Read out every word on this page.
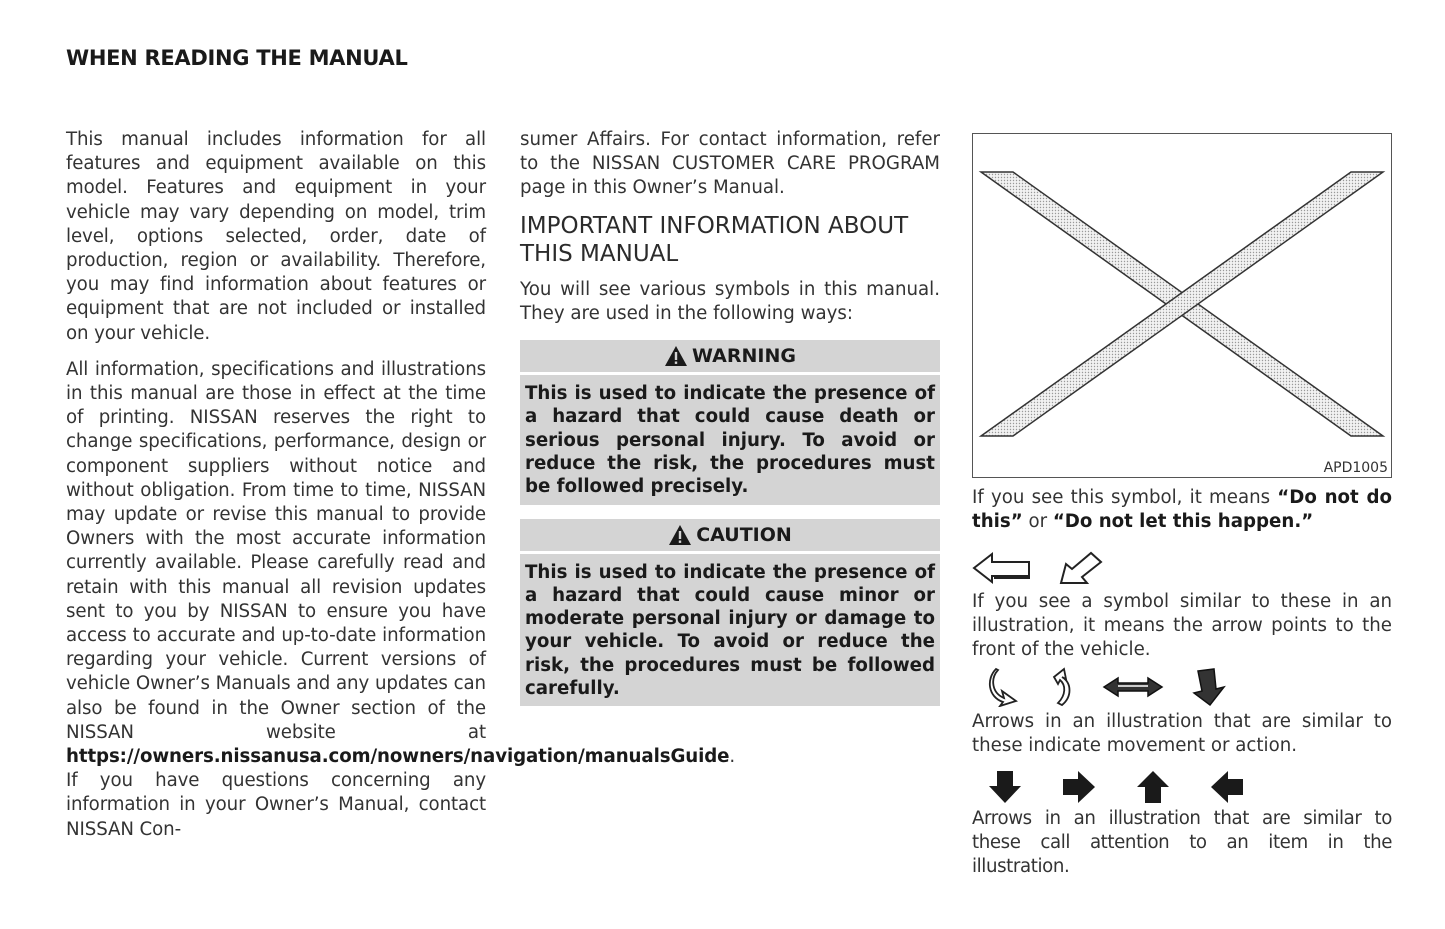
WHEN READING THE MANUAL

This manual includes information for all features and equipment available on this model. Features and equipment in your vehicle may vary depending on model, trim level, options selected, order, date of production, region or availability. Therefore, you may find information about features or equipment that are not included or installed on your vehicle.

All information, specifications and illustrations in this manual are those in effect at the time of printing. NISSAN reserves the right to change specifications, performance, design or component suppliers without notice and without obligation. From time to time, NISSAN may update or revise this manual to provide Owners with the most accurate information currently available. Please carefully read and retain with this manual all revision updates sent to you by NISSAN to ensure you have access to accurate and up-to-date information regarding your vehicle. Current versions of vehicle Owner’s Manuals and any updates can also be found in the Owner section of the NISSAN website at https://owners.nissanusa.com/nowners/navigation/manualsGuide. If you have questions concerning any information in your Owner’s Manual, contact NISSAN Con-

sumer Affairs. For contact information, refer to the NISSAN CUSTOMER CARE PROGRAM page in this Owner’s Manual.

IMPORTANT INFORMATION ABOUT THIS MANUAL

You will see various symbols in this manual. They are used in the following ways:

WARNING
This is used to indicate the presence of a hazard that could cause death or serious personal injury. To avoid or reduce the risk, the procedures must be followed precisely.
CAUTION
This is used to indicate the presence of a hazard that could cause minor or moderate personal injury or damage to your vehicle. To avoid or reduce the risk, the procedures must be followed carefully.
APD1005

If you see this symbol, it means “Do not do this” or “Do not let this happen.”

If you see a symbol similar to these in an illustration, it means the arrow points to the front of the vehicle.

Arrows in an illustration that are similar to these indicate movement or action.

Arrows in an illustration that are similar to these call attention to an item in the illustration.
